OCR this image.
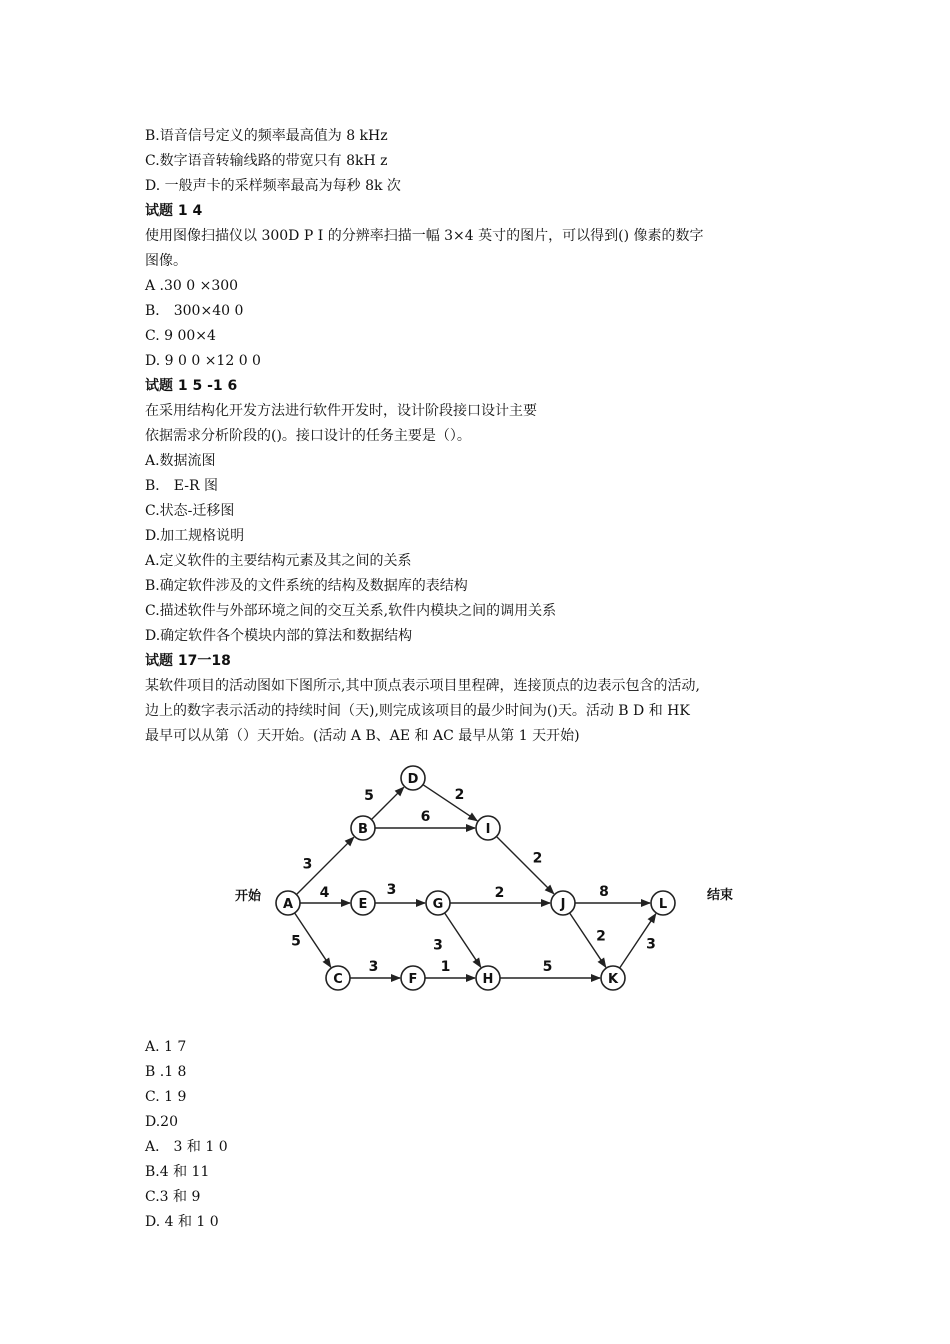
B.语音信号定义的频率最高值为 8 kHz
C.数字语音转输线路的带宽只有 8kH z
D. 一般声卡的采样频率最高为每秒 8k 次
试题 1 4
使用图像扫描仪以 300D P I 的分辨率扫描一幅 3×4 英寸的图片，可以得到() 像素的数字
图像。
A .30 0 ×300
B． 300×40 0
C. 9 00×4
D. 9 0 0 ×12 0 0
试题 1 5 -1 6
在采用结构化开发方法进行软件开发时，设计阶段接口设计主要
依据需求分析阶段的()。接口设计的任务主要是（）。
A.数据流图
B． E-R 图
C.状态-迁移图
D.加工规格说明
A.定义软件的主要结构元素及其之间的关系
B.确定软件涉及的文件系统的结构及数据库的表结构
C.描述软件与外部环境之间的交互关系,软件内模块之间的调用关系
D.确定软件各个模块内部的算法和数据结构
试题 17一18
某软件项目的活动图如下图所示,其中顶点表示项目里程碑，连接顶点的边表示包含的活动,
边上的数字表示活动的持续时间（天),则完成该项目的最少时间为()天。活动 B D 和 HK
最早可以从第（）天开始。(活动 A B、AE 和 AC 最早从第 1 天开始)
3
4
5
5
6
2
3	2
3
3	1	5
2
8
2	3
A
B
C
D
E
F
G
H
I
J
K
L
开始	结束
A. 1 7
B .1 8
C. 1 9
D.20
A． 3 和 1 0
B.4 和 11
C.3 和 9
D. 4 和 1 0
